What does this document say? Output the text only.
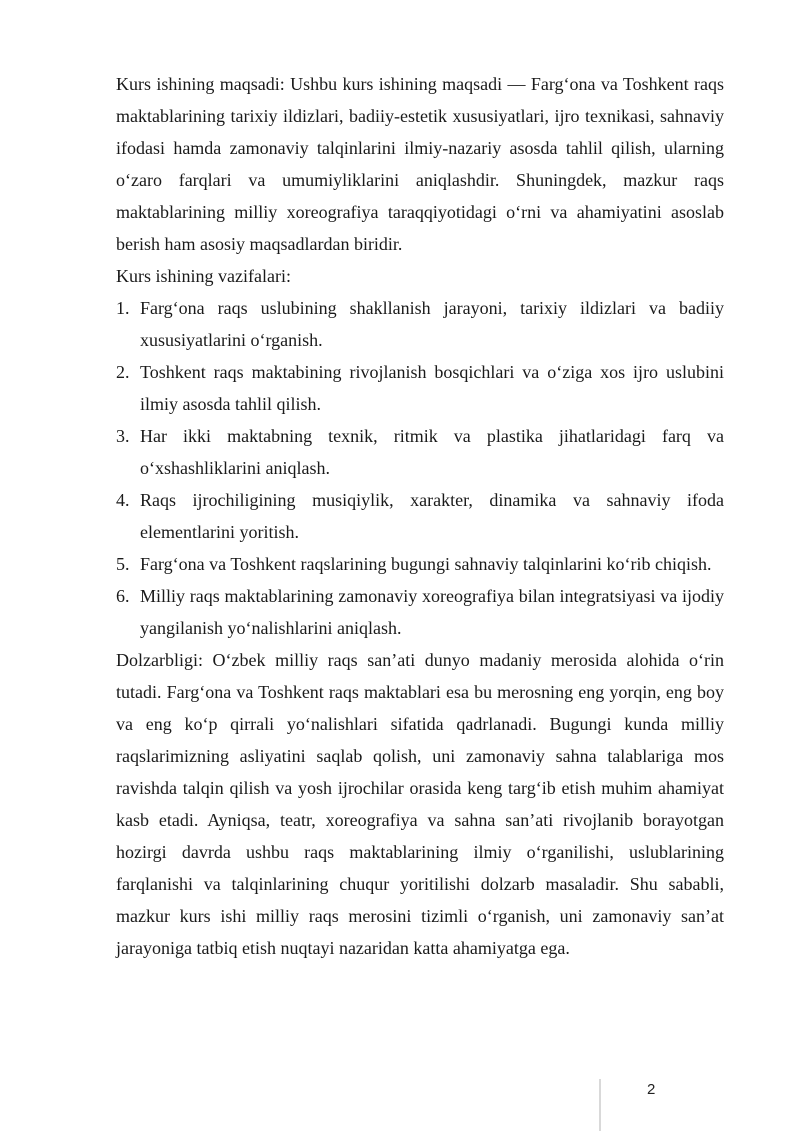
Kurs ishining maqsadi: Ushbu kurs ishining maqsadi — Farg‘ona va Toshkent raqs maktablarining tarixiy ildizlari, badiiy-estetik xususiyatlari, ijro texnikasi, sahnaviy ifodasi hamda zamonaviy talqinlarini ilmiy-nazariy asosda tahlil qilish, ularning o‘zaro farqlari va umumiyliklarini aniqlashdir. Shuningdek, mazkur raqs maktablarining milliy xoreografiya taraqqiyotidagi o‘rni va ahamiyatini asoslab berish ham asosiy maqsadlardan biridir.

Kurs ishining vazifalari:

1. Farg‘ona raqs uslubining shakllanish jarayoni, tarixiy ildizlari va badiiy xususiyatlarini o‘rganish.
2. Toshkent raqs maktabining rivojlanish bosqichlari va o‘ziga xos ijro uslubini ilmiy asosda tahlil qilish.
3. Har ikki maktabning texnik, ritmik va plastika jihatlaridagi farq va o‘xshashliklarini aniqlash.
4. Raqs ijrochiligining musiqiylik, xarakter, dinamika va sahnaviy ifoda elementlarini yoritish.
5. Farg‘ona va Toshkent raqslarining bugungi sahnaviy talqinlarini ko‘rib chiqish.
6. Milliy raqs maktablarining zamonaviy xoreografiya bilan integratsiyasi va ijodiy yangilanish yo‘nalishlarini aniqlash.

Dolzarbligi: O‘zbek milliy raqs san’ati dunyo madaniy merosida alohida o‘rin tutadi. Farg‘ona va Toshkent raqs maktablari esa bu merosning eng yorqin, eng boy va eng ko‘p qirrali yo‘nalishlari sifatida qadrlanadi. Bugungi kunda milliy raqslarimizning asliyatini saqlab qolish, uni zamonaviy sahna talablariga mos ravishda talqin qilish va yosh ijrochilar orasida keng targ‘ib etish muhim ahamiyat kasb etadi. Ayniqsa, teatr, xoreografiya va sahna san’ati rivojlanib borayotgan hozirgi davrda ushbu raqs maktablarining ilmiy o‘rganilishi, uslublarining farqlanishi va talqinlarining chuqur yoritilishi dolzarb masaladir. Shu sababli, mazkur kurs ishi milliy raqs merosini tizimli o‘rganish, uni zamonaviy san’at jarayoniga tatbiq etish nuqtayi nazaridan katta ahamiyatga ega.

2
